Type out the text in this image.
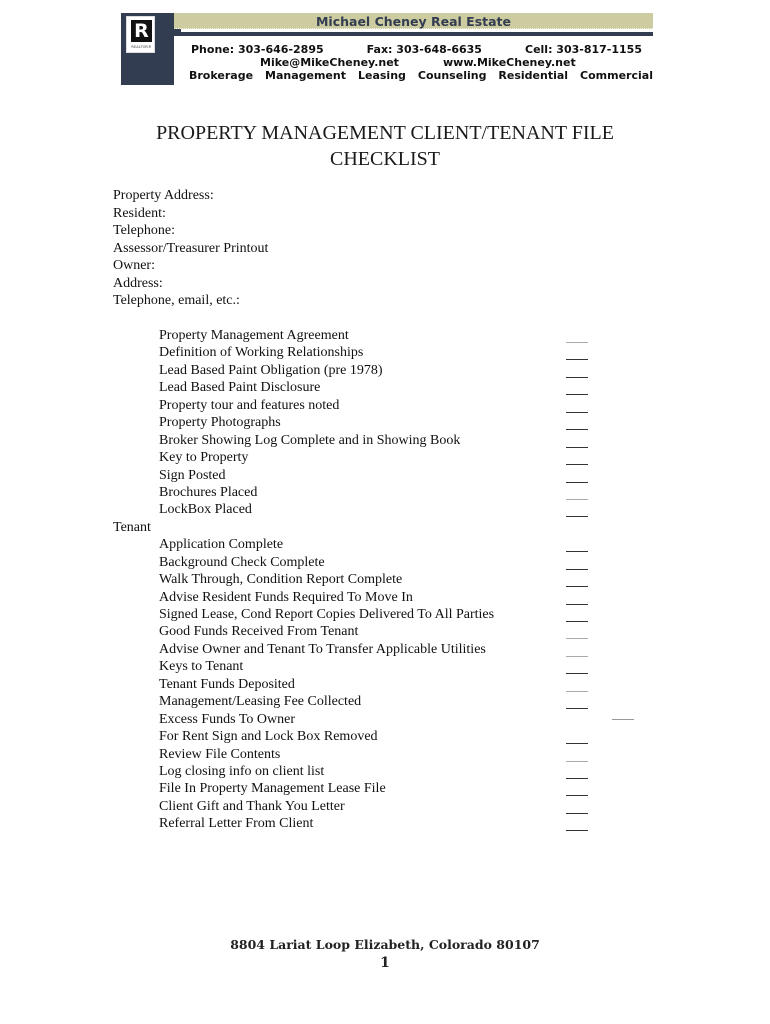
R
REALTOR®
Michael Cheney Real Estate
Phone: 303-646-2895	Fax: 303-648-6635	Cell: 303-817-1155
Mike@MikeCheney.net	www.MikeCheney.net
Brokerage Management Leasing Counseling Residential Commercial
PROPERTY MANAGEMENT CLIENT/TENANT FILE
CHECKLIST
Property Address:
Resident:
Telephone:
Assessor/Treasurer Printout
Owner:
Address:
Telephone, email, etc.:
Property Management Agreement
Definition of Working Relationships
Lead Based Paint Obligation (pre 1978)
Lead Based Paint Disclosure
Property tour and features noted
Property Photographs
Broker Showing Log Complete and in Showing Book
Key to Property
Sign Posted
Brochures Placed
LockBox Placed
Tenant
Application Complete
Background Check Complete
Walk Through, Condition Report Complete
Advise Resident Funds Required To Move In
Signed Lease, Cond Report Copies Delivered To All Parties
Good Funds Received From Tenant
Advise Owner and Tenant To Transfer Applicable Utilities
Keys to Tenant
Tenant Funds Deposited
Management/Leasing Fee Collected
Excess Funds To Owner
For Rent Sign and Lock Box Removed
Review File Contents
Log closing info on client list
File In Property Management Lease File
Client Gift and Thank You Letter
Referral Letter From Client
8804 Lariat Loop Elizabeth, Colorado 80107
1
